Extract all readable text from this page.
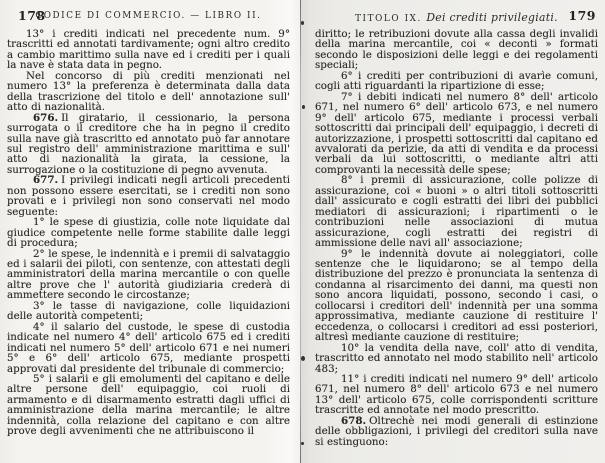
178
CODICE DI COMMERCIO. — LIBRO II.

13° i crediti indicati nel precedente num. 9° trascritti ed annotati tardivamente; ogni altro credito a cambio marittimo sulla nave ed i crediti per i quali la nave è stata data in pegno.

Nel concorso di più crediti menzionati nel numero 13° la preferenza è determinata dalla data della trascrizione del titolo e dell' annotazione sull' atto di nazionalità.

676. Il giratario, il cessionario, la persona surrogata o il creditore che ha in pegno il credito sulla nave già trascritto ed annotato può far annotare sul registro dell' amministrazione marittima e sull' atto di nazionalità la girata, la cessione, la surrogazione o la costituzione di pegno avvenuta.

677. I privilegi indicati negli articoli precedenti non possono essere esercitati, se i crediti non sono provati e i privilegi non sono conservati nel modo seguente:

1° le spese di giustizia, colle note liquidate dal giudice competente nelle forme stabilite dalle leggi di procedura;

2° le spese, le indennità e i premii di salvataggio ed i salarii dei piloti, con sentenze, con attestati degli amministratori della marina mercantile o con quelle altre prove che l' autorità giudiziaria crederà di ammettere secondo le circostanze;

3° le tasse di navigazione, colle liquidazioni delle autorità competenti;

4° il salario del custode, le spese di custodia indicate nel numero 4° dell' articolo 675 ed i crediti indicati nel numero 5° dell' articolo 671 e nei numeri 5° e 6° dell' articolo 675, mediante prospetti approvati dal presidente del tribunale di commercio;

5° i salarii e gli emolumenti del capitano e delle altre persone dell' equipaggio, coi ruoli di armamento e di disarmamento estratti dagli uffici di amministrazione della marina mercantile; le altre indennità, colla relazione del capitano e con altre prove degli avvenimenti che ne attribuiscono il

TITOLO IX. Dei crediti privilegiati. 179

diritto; le retribuzioni dovute alla cassa degli invalidi della marina mercantile, coi « deconti » formati secondo le disposizioni delle leggi e dei regolamenti speciali;

6° i crediti per contribuzioni di avarìe comuni, cogli atti riguardanti la ripartizione di esse;

7° i debiti indicati nel numero 8° dell' articolo 671, nel numero 6° dell' articolo 673, e nel numero 9° dell' articolo 675, mediante i processi verbali sottoscritti dai principali dell' equipaggio, i decreti di autorizzazione, i prospetti sottoscritti dal capitano ed avvalorati da perizie, da atti di vendita e da processi verbali da lui sottoscritti, o mediante altri atti comprovanti la necessità delle spese;

8° i premii di assicurazione, colle polizze di assicurazione, coi « buoni » o altri titoli sottoscritti dall' assicurato e cogli estratti dei libri dei pubblici mediatori di assicurazioni; i ripartimenti o le contribuzioni nelle associazioni di mutua assicurazione, cogli estratti dei registri di ammissione delle navi all' associazione;

9° le indennità dovute ai noleggiatori, colle sentenze che le liquidarono; se al tempo della distribuzione del prezzo è pronunciata la sentenza di condanna al risarcimento dei danni, ma questi non sono ancora liquidati, possono, secondo i casi, o collocarsi i creditori dell' indennità per una somma approssimativa, mediante cauzione di restituire l' eccedenza, o collocarsi i creditori ad essi posteriori, altresì mediante cauzione di restituire;

10° la vendita della nave, coll' atto di vendita, trascritto ed annotato nel modo stabilito nell' articolo 483;

11° i crediti indicati nel numero 9° dell' articolo 671, nel numero 8° dell' articolo 673 e nel numero 13° dell' articolo 675, colle corrispondenti scritture trascritte ed annotate nel modo prescritto.

678. Oltrechè nei modi generali di estinzione delle obbligazioni, i privilegi del creditori sulla nave si estinguono:
